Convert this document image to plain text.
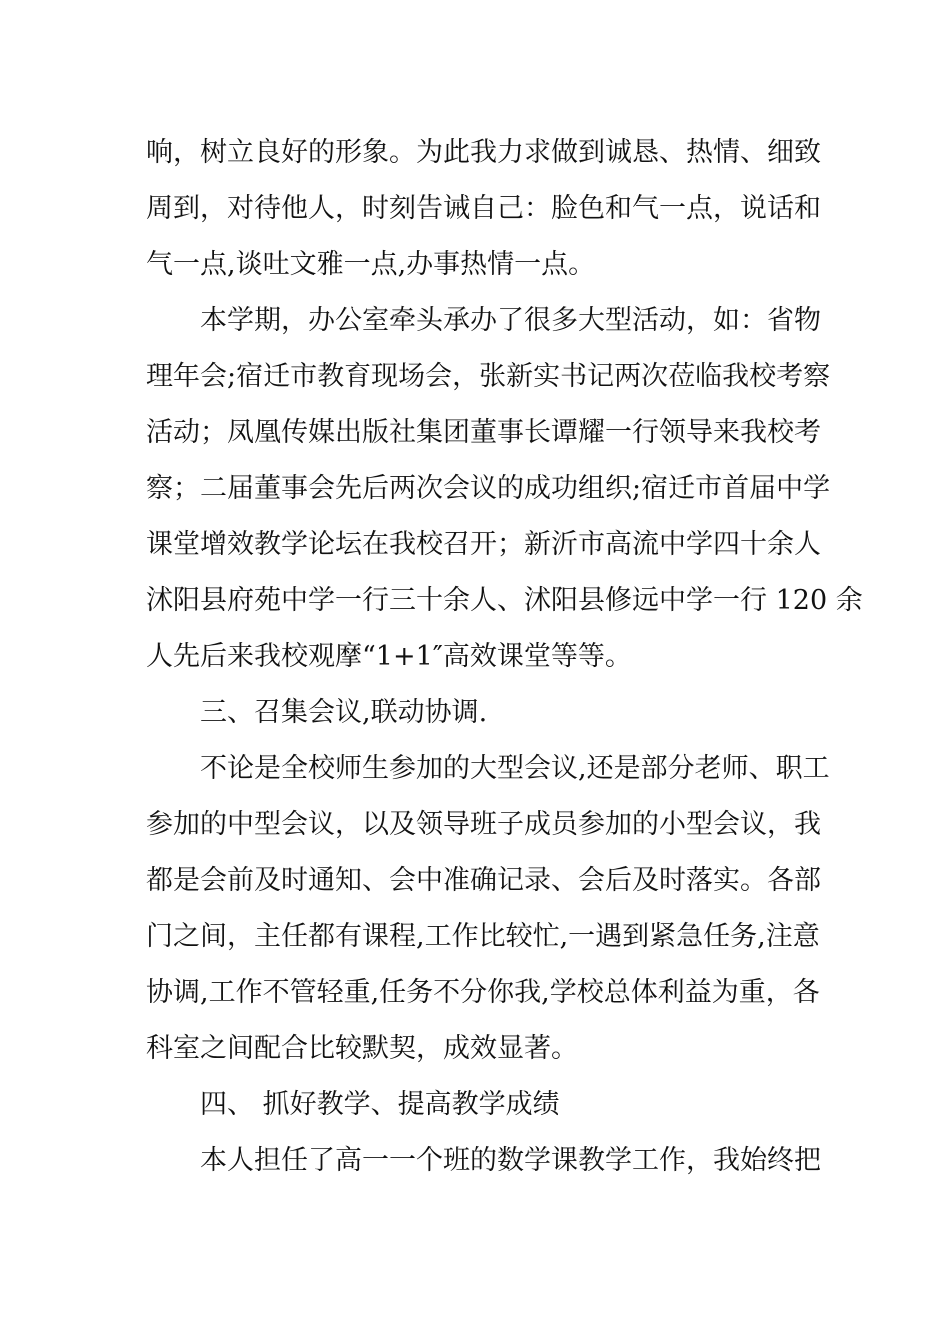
响，树立良好的形象。为此我力求做到诚恳、热情、细致
周到，对待他人，时刻告诫自己：脸色和气一点，说话和
气一点,谈吐文雅一点,办事热情一点。
本学期，办公室牵头承办了很多大型活动，如：省物
理年会;宿迁市教育现场会，张新实书记两次莅临我校考察
活动；凤凰传媒出版社集团董事长谭耀一行领导来我校考
察；二届董事会先后两次会议的成功组织;宿迁市首届中学
课堂增效教学论坛在我校召开；新沂市高流中学四十余人
沭阳县府苑中学一行三十余人、沭阳县修远中学一行 120 余
人先后来我校观摩“1+1″高效课堂等等。
三、召集会议,联动协调.
不论是全校师生参加的大型会议,还是部分老师、职工
参加的中型会议，以及领导班子成员参加的小型会议，我
都是会前及时通知、会中准确记录、会后及时落实。各部
门之间，主任都有课程,工作比较忙,一遇到紧急任务,注意
协调,工作不管轻重,任务不分你我,学校总体利益为重，各
科室之间配合比较默契，成效显著。
四、 抓好教学、提高教学成绩
本人担任了高一一个班的数学课教学工作，我始终把
